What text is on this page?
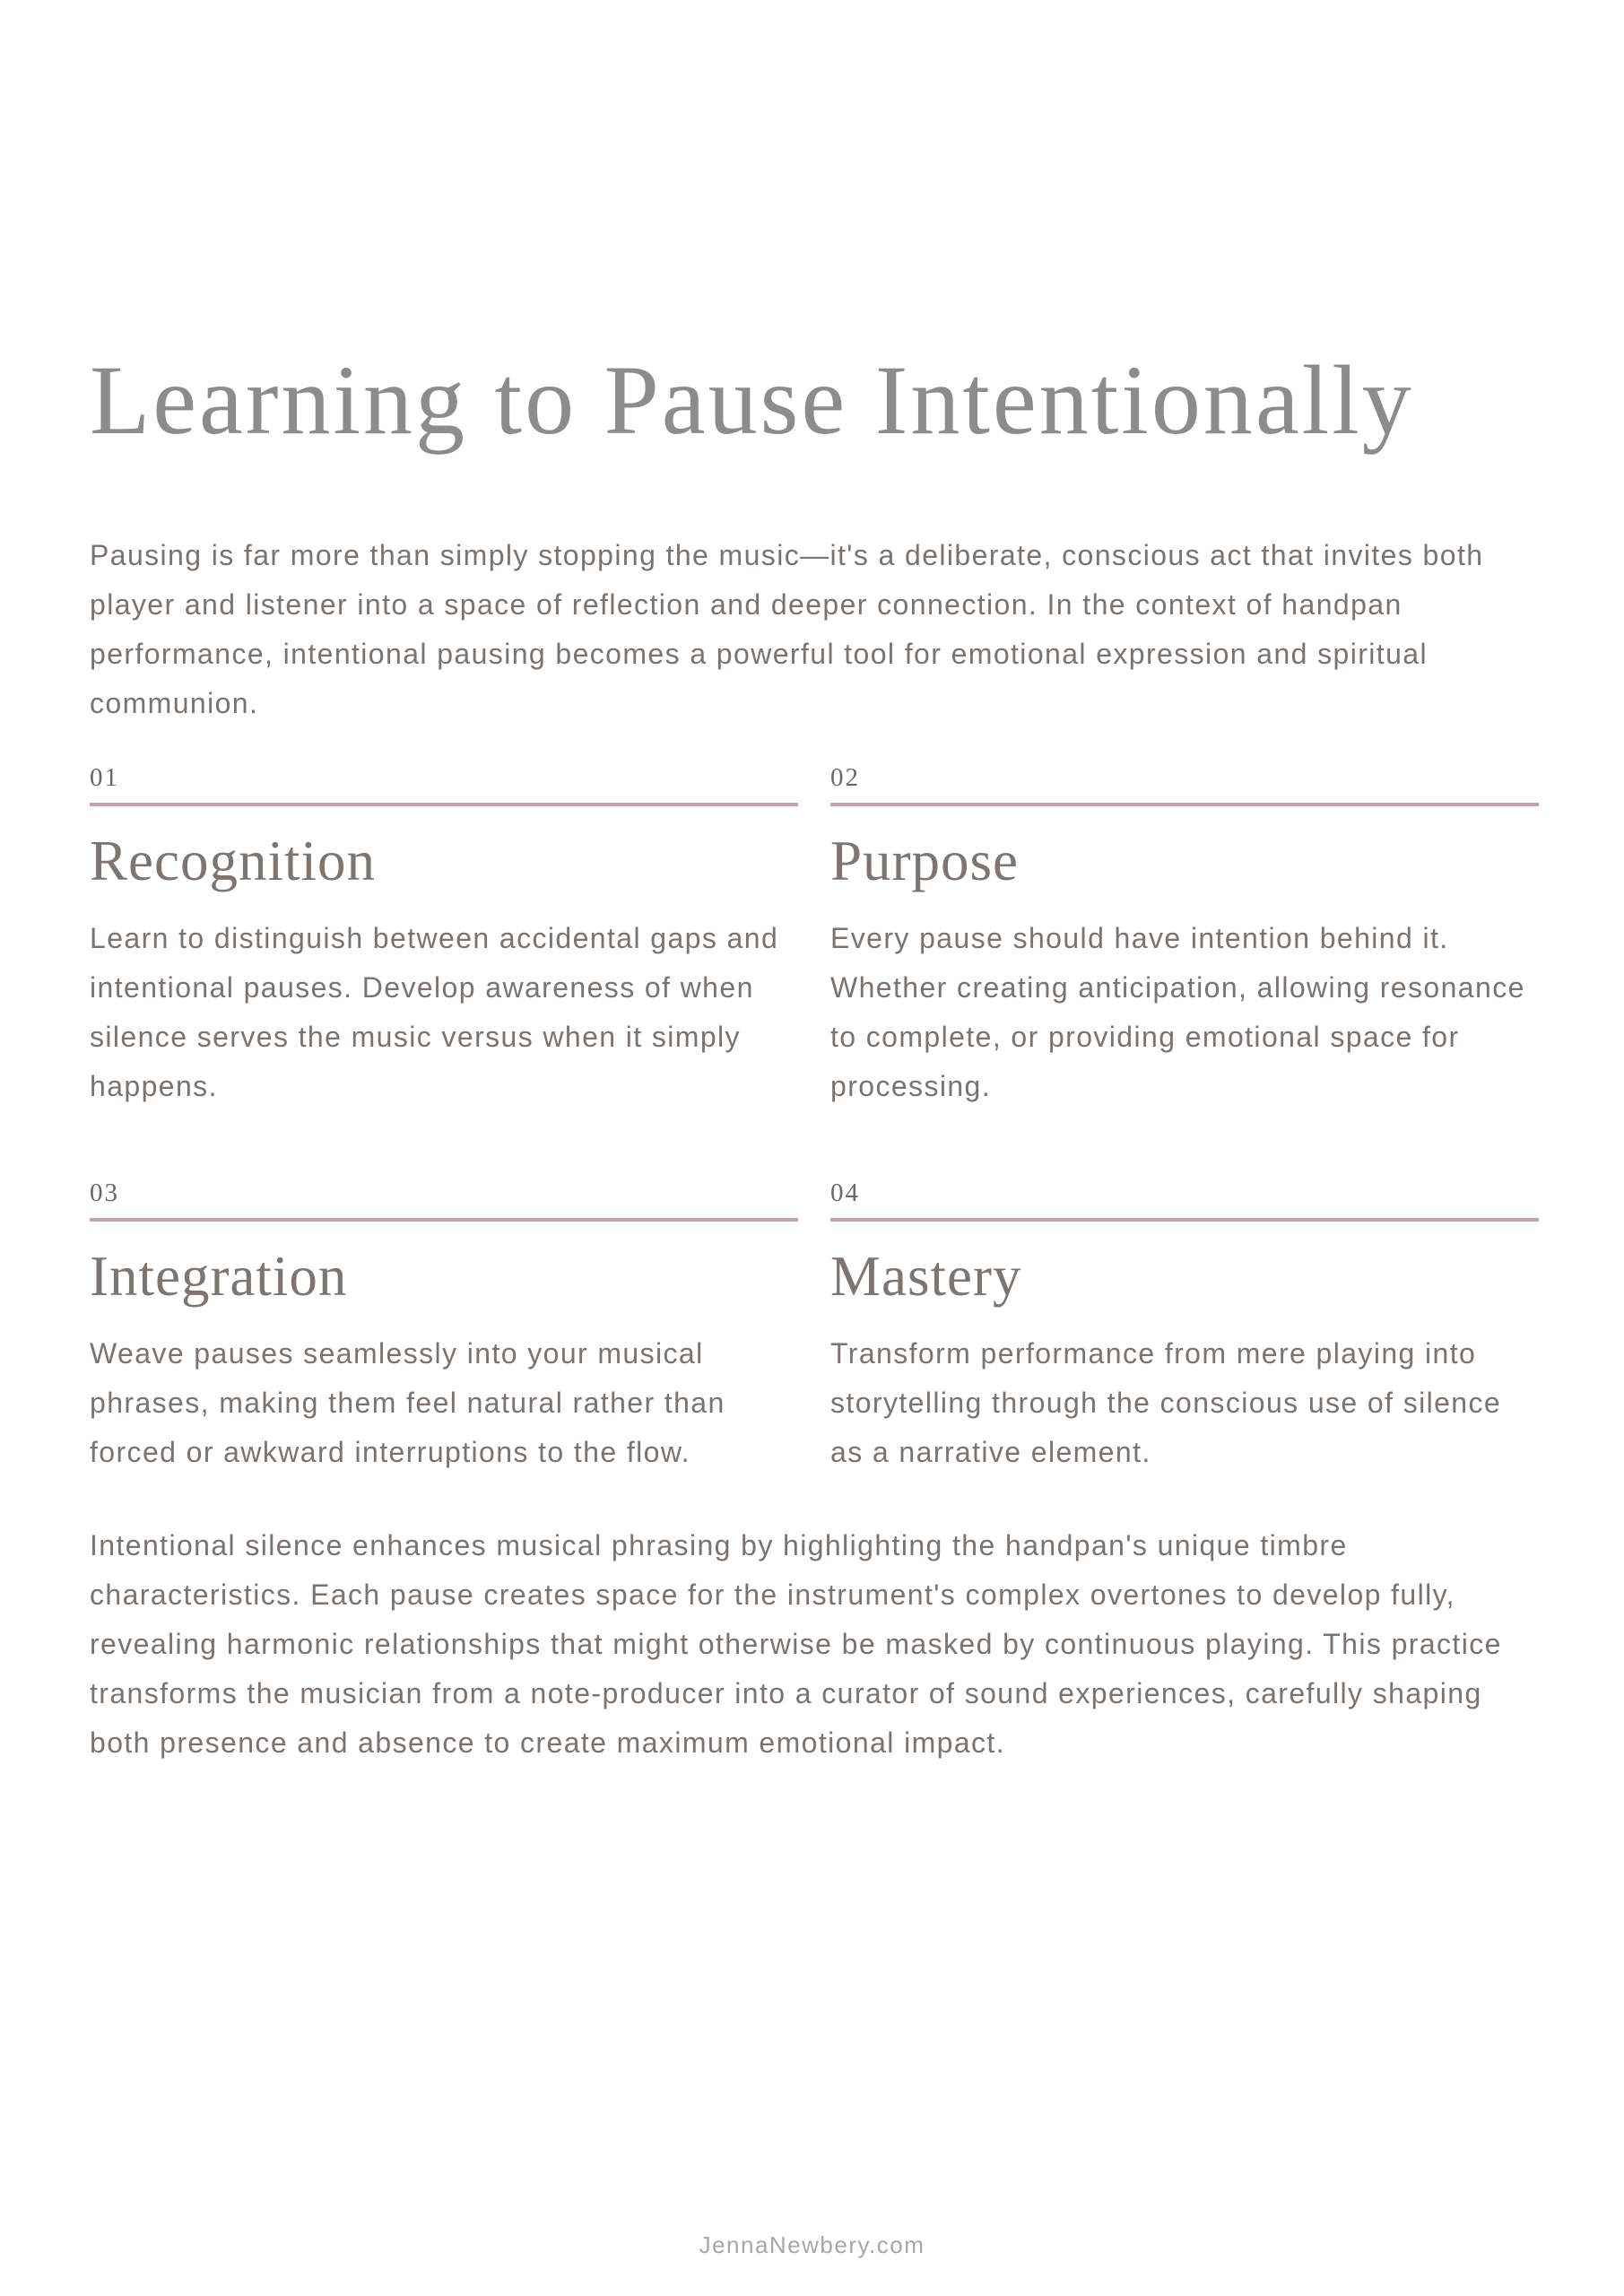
Learning to Pause Intentionally

Pausing is far more than simply stopping the music—it's a deliberate, conscious act that invites both player and listener into a space of reflection and deeper connection. In the context of handpan performance, intentional pausing becomes a powerful tool for emotional expression and spiritual communion.

01
Recognition

Learn to distinguish between accidental gaps and intentional pauses. Develop awareness of when silence serves the music versus when it simply happens.

02
Purpose

Every pause should have intention behind it. Whether creating anticipation, allowing resonance to complete, or providing emotional space for processing.

03
Integration

Weave pauses seamlessly into your musical phrases, making them feel natural rather than forced or awkward interruptions to the flow.

04
Mastery

Transform performance from mere playing into storytelling through the conscious use of silence as a narrative element.

Intentional silence enhances musical phrasing by highlighting the handpan's unique timbre characteristics. Each pause creates space for the instrument's complex overtones to develop fully, revealing harmonic relationships that might otherwise be masked by continuous playing. This practice transforms the musician from a note-producer into a curator of sound experiences, carefully shaping both presence and absence to create maximum emotional impact.

JennaNewbery.com
